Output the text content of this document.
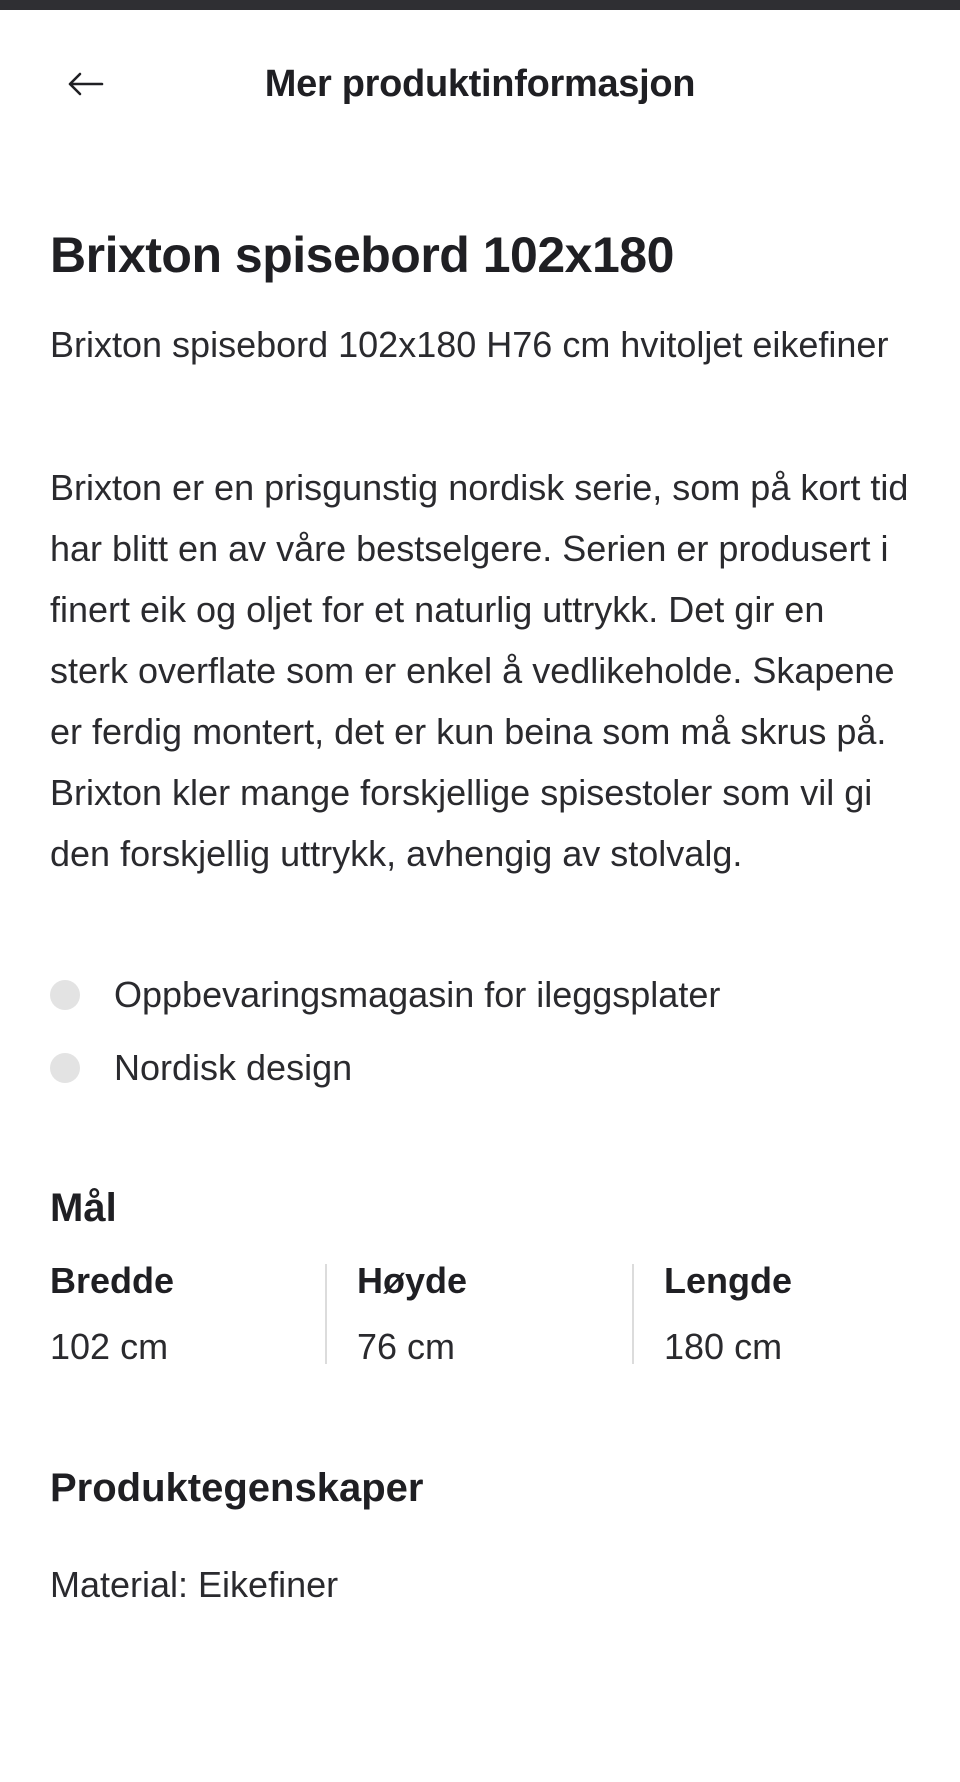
Mer produktinformasjon
Brixton spisebord 102x180

Brixton spisebord 102x180 H76 cm hvitoljet eikefiner

Brixton er en prisgunstig nordisk serie, som på kort tid har blitt en av våre bestselgere. Serien er produsert i finert eik og oljet for et naturlig uttrykk. Det gir en sterk overflate som er enkel å vedlikeholde. Skapene er ferdig montert, det er kun beina som må skrus på. Brixton kler mange forskjellige spisestoler som vil gi den forskjellig uttrykk, avhengig av stolvalg.

Oppbevaringsmagasin for ileggsplater
Nordisk design
Mål
Bredde
102 cm
Høyde
76 cm
Lengde
180 cm
Produktegenskaper
Material: Eikefiner
